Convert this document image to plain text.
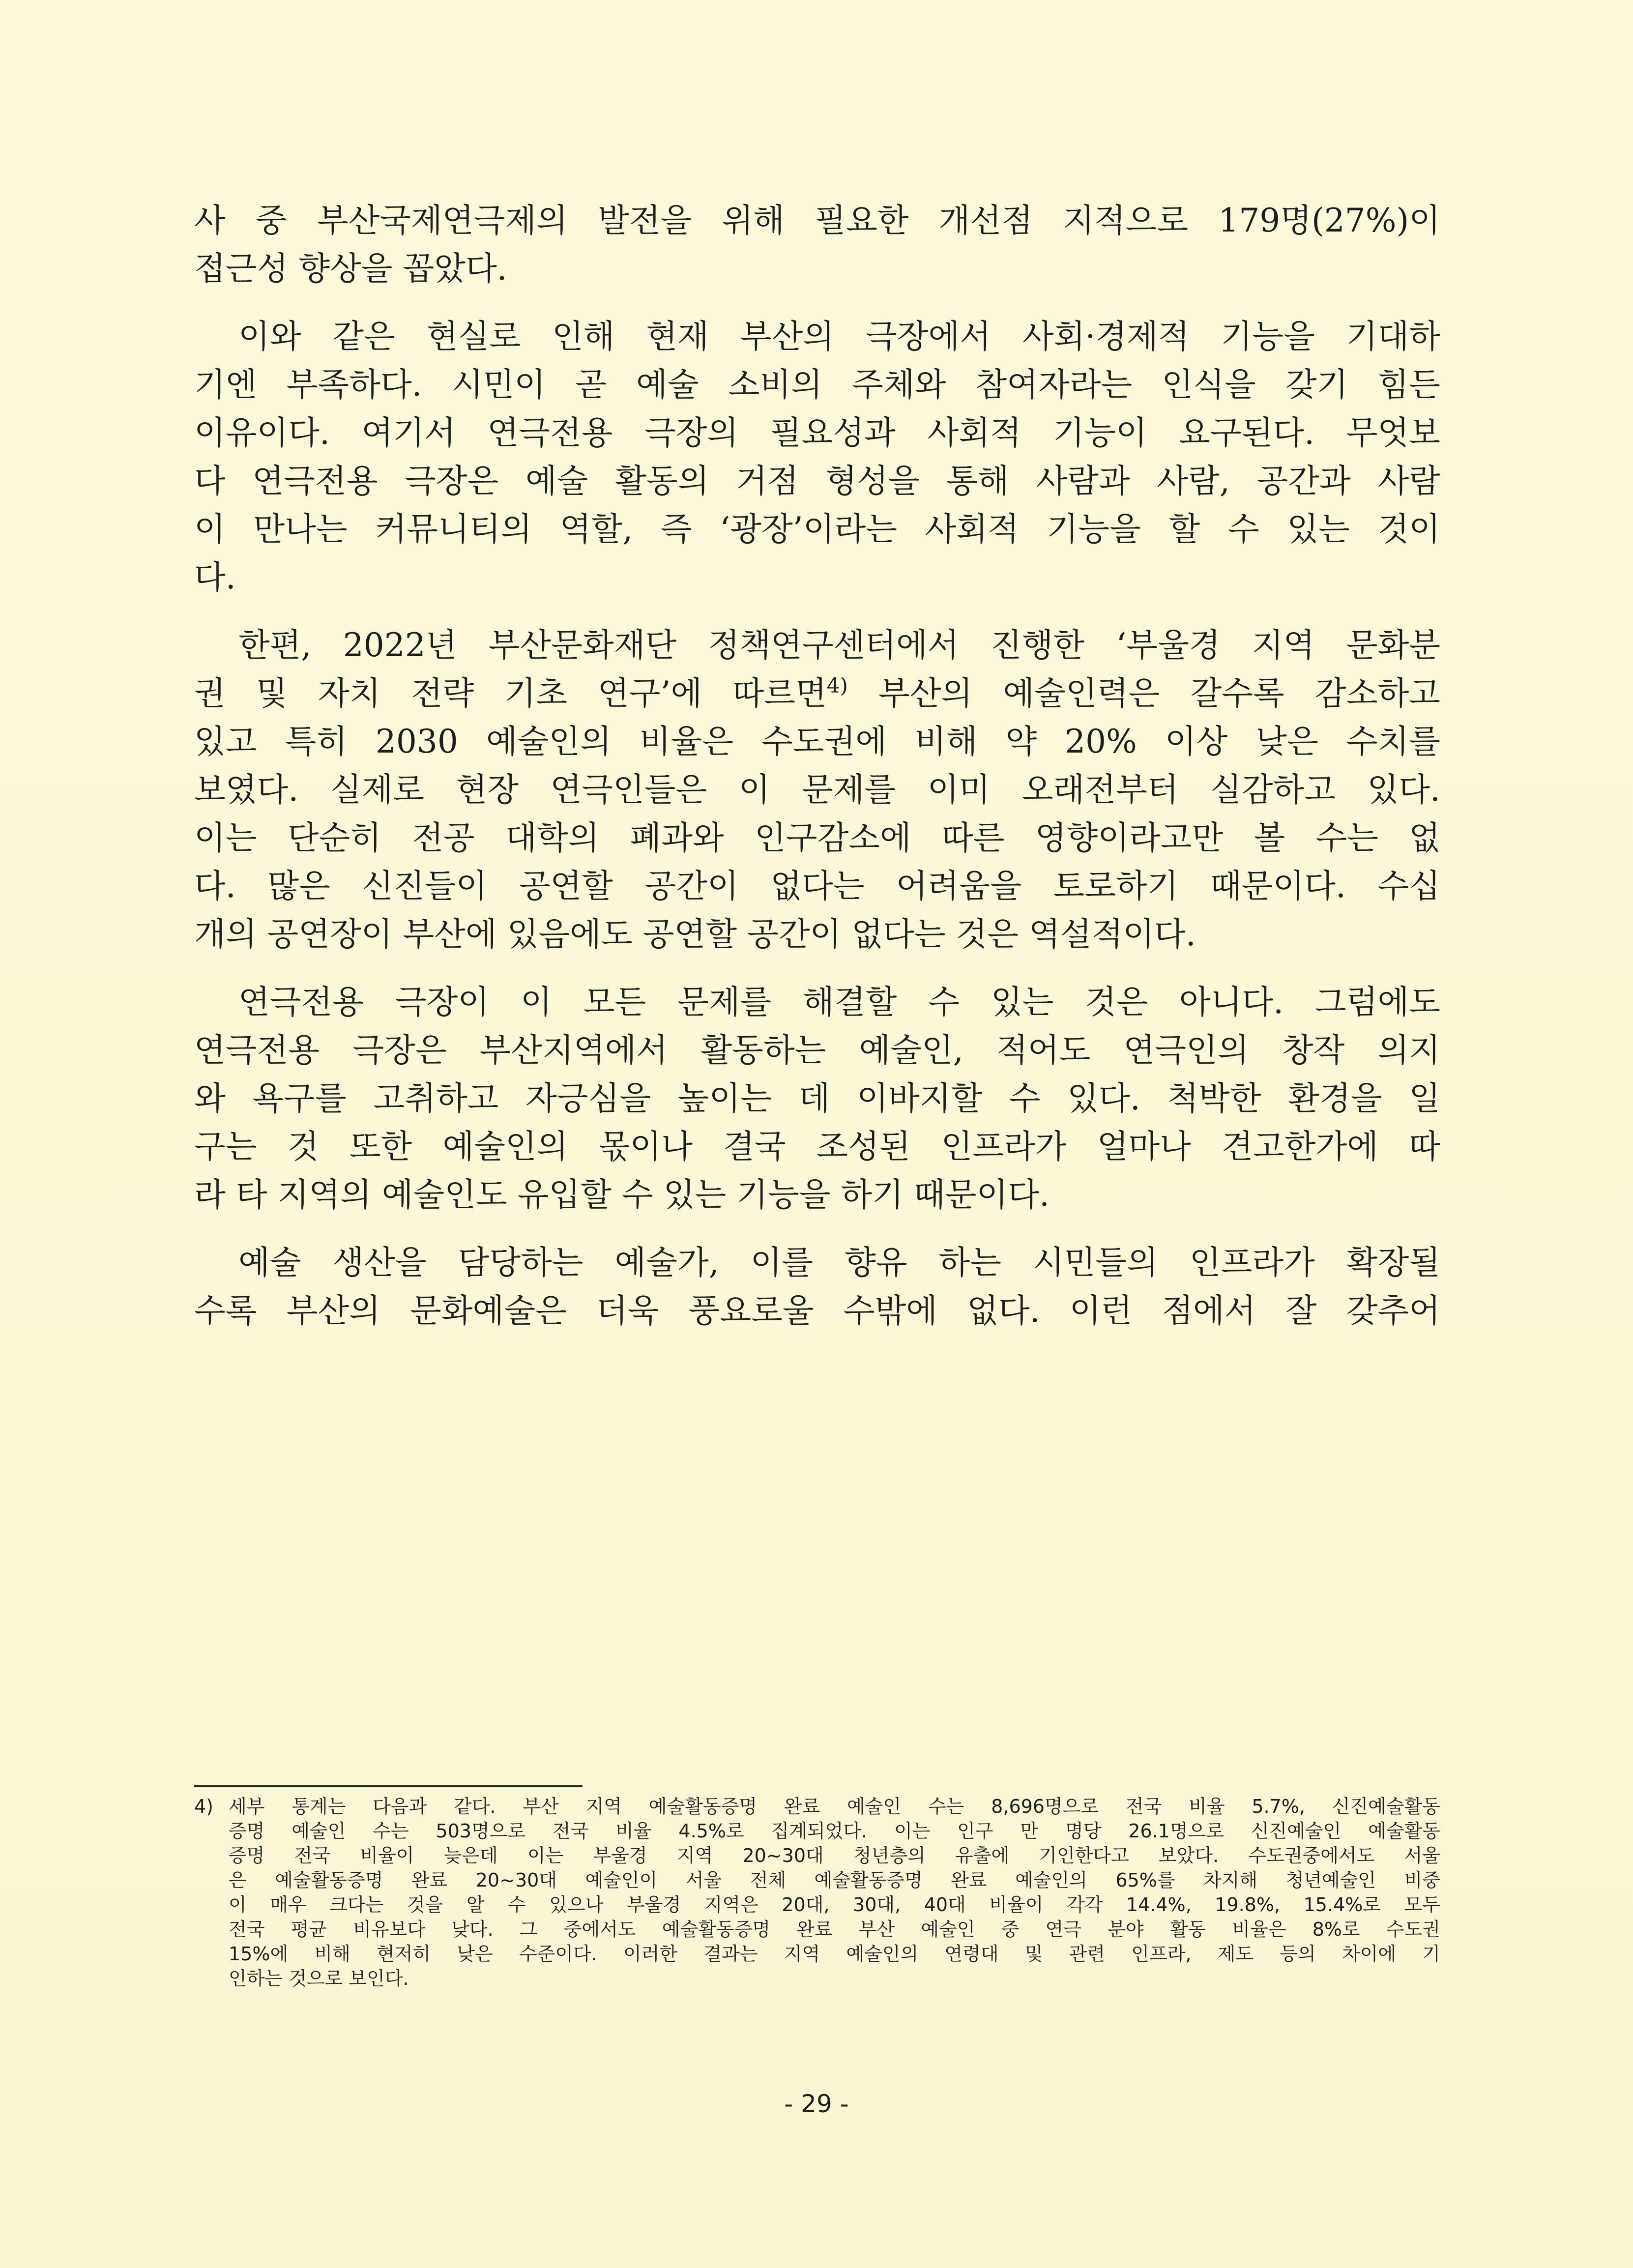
사 중 부산국제연극제의 발전을 위해 필요한 개선점 지적으로 179명(27%)이
접근성 향상을 꼽았다.
이와 같은 현실로 인해 현재 부산의 극장에서 사회·경제적 기능을 기대하
기엔 부족하다. 시민이 곧 예술 소비의 주체와 참여자라는 인식을 갖기 힘든
이유이다. 여기서 연극전용 극장의 필요성과 사회적 기능이 요구된다. 무엇보
다 연극전용 극장은 예술 활동의 거점 형성을 통해 사람과 사람, 공간과 사람
이 만나는 커뮤니티의 역할, 즉 ‘광장’이라는 사회적 기능을 할 수 있는 것이
다.
한편, 2022년 부산문화재단 정책연구센터에서 진행한 ‘부울경 지역 문화분
권 및 자치 전략 기초 연구’에 따르면$^{4)}$ 부산의 예술인력은 갈수록 감소하고
있고 특히 2030 예술인의 비율은 수도권에 비해 약 20% 이상 낮은 수치를
보였다. 실제로 현장 연극인들은 이 문제를 이미 오래전부터 실감하고 있다.
이는 단순히 전공 대학의 폐과와 인구감소에 따른 영향이라고만 볼 수는 없
다. 많은 신진들이 공연할 공간이 없다는 어려움을 토로하기 때문이다. 수십
개의 공연장이 부산에 있음에도 공연할 공간이 없다는 것은 역설적이다.
연극전용 극장이 이 모든 문제를 해결할 수 있는 것은 아니다. 그럼에도
연극전용 극장은 부산지역에서 활동하는 예술인, 적어도 연극인의 창작 의지
와 욕구를 고취하고 자긍심을 높이는 데 이바지할 수 있다. 척박한 환경을 일
구는 것 또한 예술인의 몫이나 결국 조성된 인프라가 얼마나 견고한가에 따
라 타 지역의 예술인도 유입할 수 있는 기능을 하기 때문이다.
예술 생산을 담당하는 예술가, 이를 향유 하는 시민들의 인프라가 확장될
수록 부산의 문화예술은 더욱 풍요로울 수밖에 없다. 이런 점에서 잘 갖추어
4) 세부 통계는 다음과 같다. 부산 지역 예술활동증명 완료 예술인 수는 8,696명으로 전국 비율 5.7%, 신진예술활동
증명 예술인 수는 503명으로 전국 비율 4.5%로 집계되었다. 이는 인구 만 명당 26.1명으로 신진예술인 예술활동
증명 전국 비율이 늦은데 이는 부울경 지역 20~30대 청년층의 유출에 기인한다고 보았다. 수도권중에서도 서울
은 예술활동증명 완료 20~30대 예술인이 서울 전체 예술활동증명 완료 예술인의 65%를 차지해 청년예술인 비중
이 매우 크다는 것을 알 수 있으나 부울경 지역은 20대, 30대, 40대 비율이 각각 14.4%, 19.8%, 15.4%로 모두
전국 평균 비유보다 낮다. 그 중에서도 예술활동증명 완료 부산 예술인 중 연극 분야 활동 비율은 8%로 수도권
15%에 비해 현저히 낮은 수준이다. 이러한 결과는 지역 예술인의 연령대 및 관련 인프라, 제도 등의 차이에 기
인하는 것으로 보인다.
- 29 -
